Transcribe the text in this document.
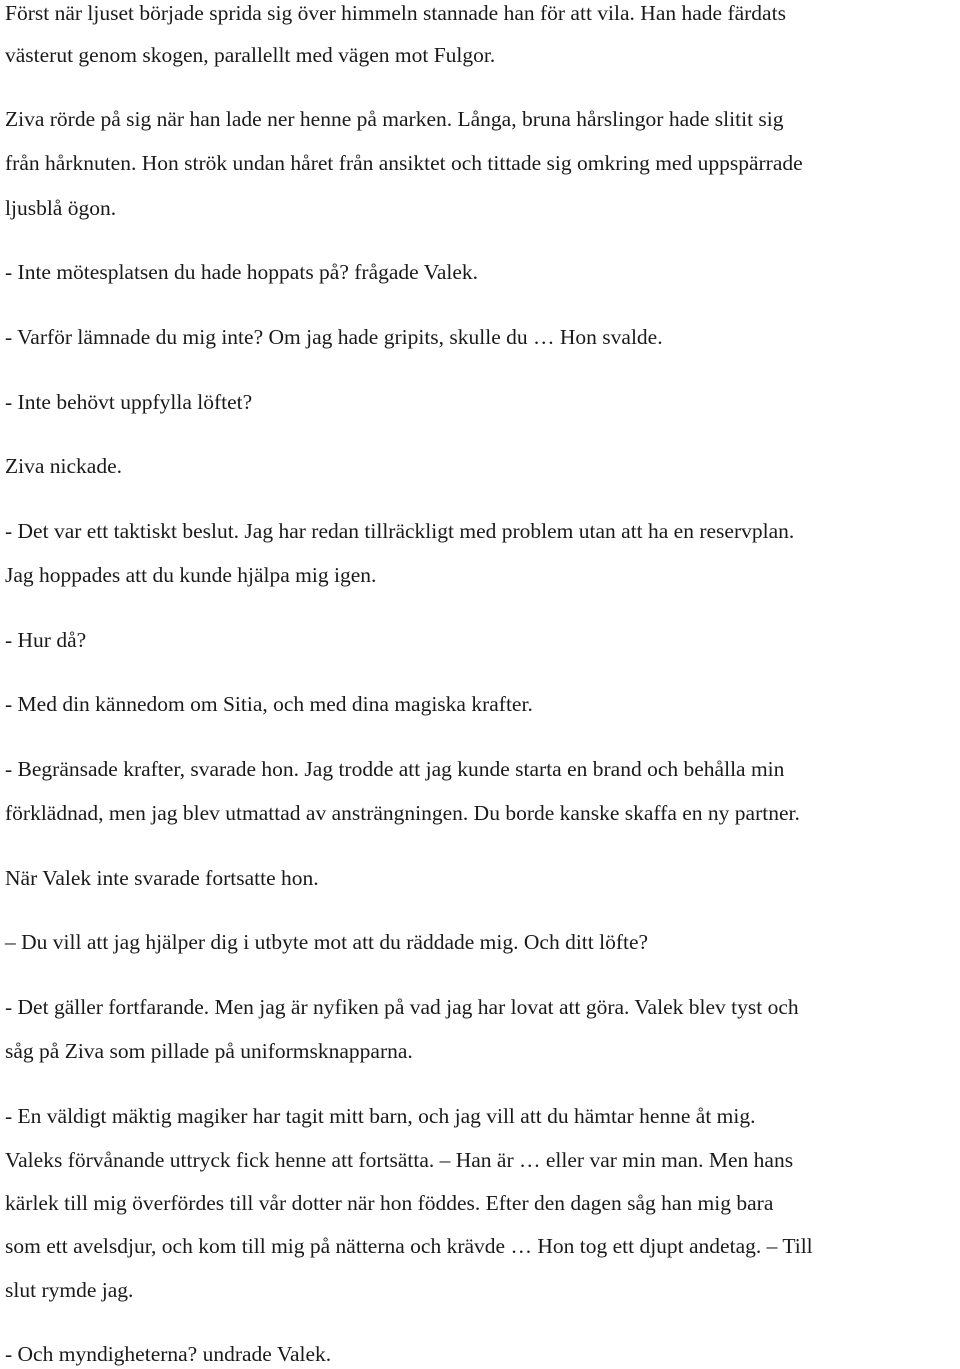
Först när ljuset började sprida sig över himmeln stannade han för att vila. Han hade färdats

västerut genom skogen, parallellt med vägen mot Fulgor.

Ziva rörde på sig när han lade ner henne på marken. Långa, bruna hårslingor hade slitit sig

från hårknuten. Hon strök undan håret från ansiktet och tittade sig omkring med uppspärrade

ljusblå ögon.

- Inte mötesplatsen du hade hoppats på? frågade Valek.

- Varför lämnade du mig inte? Om jag hade gripits, skulle du … Hon svalde.

- Inte behövt uppfylla löftet?

Ziva nickade.

- Det var ett taktiskt beslut. Jag har redan tillräckligt med problem utan att ha en reservplan.

Jag hoppades att du kunde hjälpa mig igen.

- Hur då?

- Med din kännedom om Sitia, och med dina magiska krafter.

- Begränsade krafter, svarade hon. Jag trodde att jag kunde starta en brand och behålla min

förklädnad, men jag blev utmattad av ansträngningen. Du borde kanske skaffa en ny partner.

När Valek inte svarade fortsatte hon.

– Du vill att jag hjälper dig i utbyte mot att du räddade mig. Och ditt löfte?

- Det gäller fortfarande. Men jag är nyfiken på vad jag har lovat att göra. Valek blev tyst och

såg på Ziva som pillade på uniformsknapparna.

- En väldigt mäktig magiker har tagit mitt barn, och jag vill att du hämtar henne åt mig.

Valeks förvånande uttryck fick henne att fortsätta. – Han är … eller var min man. Men hans

kärlek till mig överfördes till vår dotter när hon föddes. Efter den dagen såg han mig bara

som ett avelsdjur, och kom till mig på nätterna och krävde … Hon tog ett djupt andetag. – Till

slut rymde jag.

- Och myndigheterna? undrade Valek.
